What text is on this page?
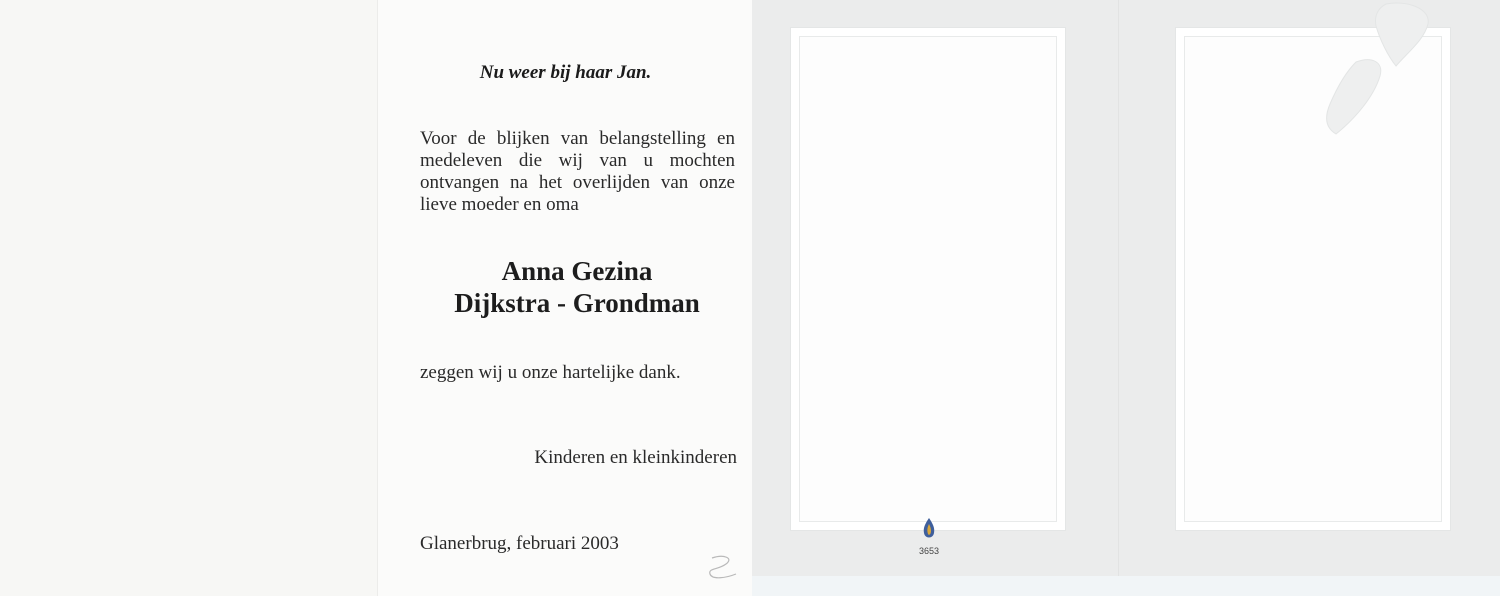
Nu weer bij haar Jan.
Voor de blijken van belangstelling en medeleven die wij van u mochten ontvangen na het overlijden van onze lieve moeder en oma
Anna Gezina
Dijkstra - Grondman
zeggen wij u onze hartelijke dank.
Kinderen en kleinkinderen
Glanerbrug, februari 2003	3653
